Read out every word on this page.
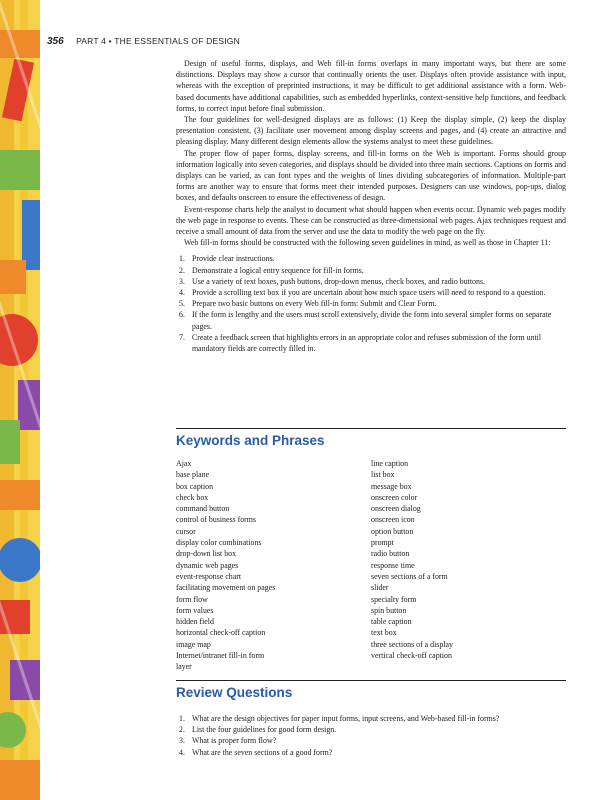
356 PART 4 • THE ESSENTIALS OF DESIGN

Design of useful forms, displays, and Web fill-in forms overlaps in many important ways, but there are some distinctions. Displays may show a cursor that continually orients the user. Displays often provide assistance with input, whereas with the exception of preprinted instructions, it may be difficult to get additional assistance with a form. Web-based documents have additional capabilities, such as embedded hyperlinks, context-sensitive help functions, and feedback forms, to correct input before final submission.

The four guidelines for well-designed displays are as follows: (1) Keep the display simple, (2) keep the display presentation consistent, (3) facilitate user movement among display screens and pages, and (4) create an attractive and pleasing display. Many different design elements allow the systems analyst to meet these guidelines.

The proper flow of paper forms, display screens, and fill-in forms on the Web is important. Forms should group information logically into seven categories, and displays should be divided into three main sections. Captions on forms and displays can be varied, as can font types and the weights of lines dividing subcategories of information. Multiple-part forms are another way to ensure that forms meet their intended purposes. Designers can use windows, pop-ups, dialog boxes, and defaults onscreen to ensure the effectiveness of design.

Event-response charts help the analyst to document what should happen when events occur. Dynamic web pages modify the web page in response to events. These can be constructed as three-dimensional web pages. Ajax techniques request and receive a small amount of data from the server and use the data to modify the web page on the fly.

Web fill-in forms should be constructed with the following seven guidelines in mind, as well as those in Chapter 11:

1. Provide clear instructions.
2. Demonstrate a logical entry sequence for fill-in forms.
3. Use a variety of text boxes, push buttons, drop-down menus, check boxes, and radio buttons.
4. Provide a scrolling text box if you are uncertain about how much space users will need to respond to a question.
5. Prepare two basic buttons on every Web fill-in form: Submit and Clear Form.
6. If the form is lengthy and the users must scroll extensively, divide the form into several simpler forms on separate pages.
7. Create a feedback screen that highlights errors in an appropriate color and refuses submission of the form until mandatory fields are correctly filled in.
Keywords and Phrases
Ajax
base plane
box caption
check box
command button
control of business forms
cursor
display color combinations
drop-down list box
dynamic web pages
event-response chart
facilitating movement on pages
form flow
form values
hidden field
horizontal check-off caption
image map
Internet/intranet fill-in form
layer
line caption
list box
message box
onscreen color
onscreen dialog
onscreen icon
option button
prompt
radio button
response time
seven sections of a form
slider
specialty form
spin button
table caption
text box
three sections of a display
vertical check-off caption
Review Questions
1. What are the design objectives for paper input forms, input screens, and Web-based fill-in forms?
2. List the four guidelines for good form design.
3. What is proper form flow?
4. What are the seven sections of a good form?
